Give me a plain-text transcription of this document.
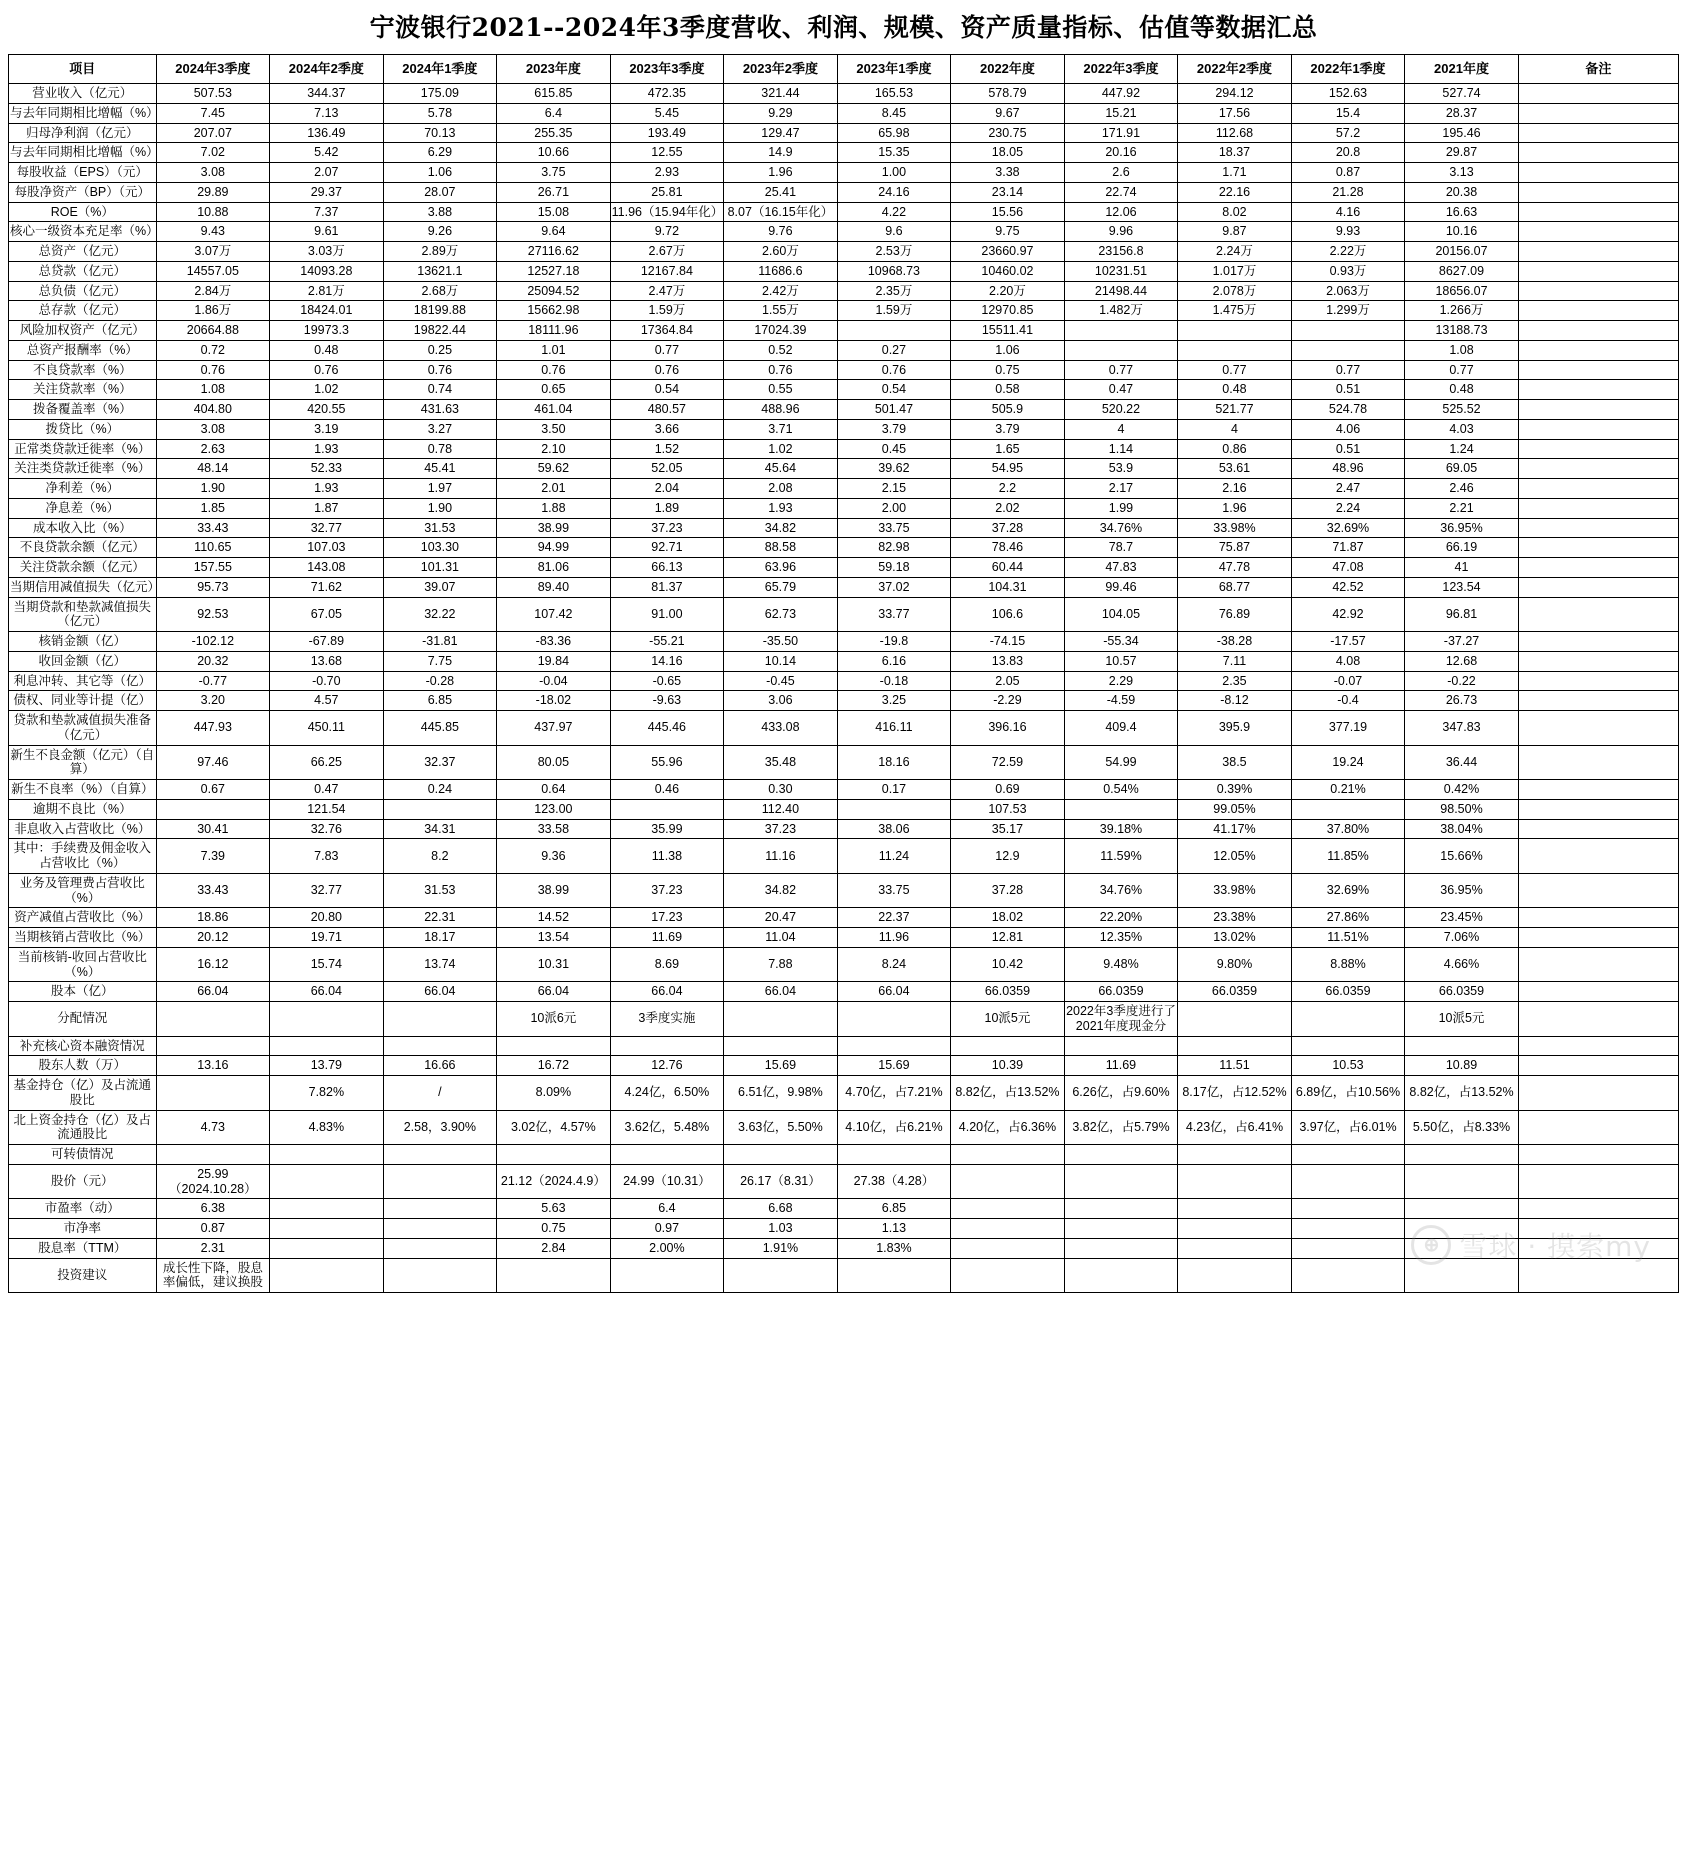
宁波银行2021--2024年3季度营收、利润、规模、资产质量指标、估值等数据汇总
项目	2024年3季度	2024年2季度	2024年1季度	2023年度	2023年3季度	2023年2季度	2023年1季度	2022年度	2022年3季度	2022年2季度	2022年1季度	2021年度	备注
营业收入（亿元）	507.53	344.37	175.09	615.85	472.35	321.44	165.53	578.79	447.92	294.12	152.63	527.74	
与去年同期相比增幅（%）	7.45	7.13	5.78	6.4	5.45	9.29	8.45	9.67	15.21	17.56	15.4	28.37	
归母净利润（亿元）	207.07	136.49	70.13	255.35	193.49	129.47	65.98	230.75	171.91	112.68	57.2	195.46	
与去年同期相比增幅（%）	7.02	5.42	6.29	10.66	12.55	14.9	15.35	18.05	20.16	18.37	20.8	29.87	
每股收益（EPS）（元）	3.08	2.07	1.06	3.75	2.93	1.96	1.00	3.38	2.6	1.71	0.87	3.13	
每股净资产（BP）（元）	29.89	29.37	28.07	26.71	25.81	25.41	24.16	23.14	22.74	22.16	21.28	20.38	
ROE（%）	10.88	7.37	3.88	15.08	11.96（15.94年化）	8.07（16.15年化）	4.22	15.56	12.06	8.02	4.16	16.63	
核心一级资本充足率（%）	9.43	9.61	9.26	9.64	9.72	9.76	9.6	9.75	9.96	9.87	9.93	10.16	
总资产（亿元）	3.07万	3.03万	2.89万	27116.62	2.67万	2.60万	2.53万	23660.97	23156.8	2.24万	2.22万	20156.07	
总贷款（亿元）	14557.05	14093.28	13621.1	12527.18	12167.84	11686.6	10968.73	10460.02	10231.51	1.017万	0.93万	8627.09	
总负债（亿元）	2.84万	2.81万	2.68万	25094.52	2.47万	2.42万	2.35万	2.20万	21498.44	2.078万	2.063万	18656.07	
总存款（亿元）	1.86万	18424.01	18199.88	15662.98	1.59万	1.55万	1.59万	12970.85	1.482万	1.475万	1.299万	1.266万	
风险加权资产（亿元）	20664.88	19973.3	19822.44	18111.96	17364.84	17024.39		15511.41				13188.73	
总资产报酬率（%）	0.72	0.48	0.25	1.01	0.77	0.52	0.27	1.06				1.08	
不良贷款率（%）	0.76	0.76	0.76	0.76	0.76	0.76	0.76	0.75	0.77	0.77	0.77	0.77	
关注贷款率（%）	1.08	1.02	0.74	0.65	0.54	0.55	0.54	0.58	0.47	0.48	0.51	0.48	
拨备覆盖率（%）	404.80	420.55	431.63	461.04	480.57	488.96	501.47	505.9	520.22	521.77	524.78	525.52	
拨贷比（%）	3.08	3.19	3.27	3.50	3.66	3.71	3.79	3.79	4	4	4.06	4.03	
正常类贷款迁徙率（%）	2.63	1.93	0.78	2.10	1.52	1.02	0.45	1.65	1.14	0.86	0.51	1.24	
关注类贷款迁徙率（%）	48.14	52.33	45.41	59.62	52.05	45.64	39.62	54.95	53.9	53.61	48.96	69.05	
净利差（%）	1.90	1.93	1.97	2.01	2.04	2.08	2.15	2.2	2.17	2.16	2.47	2.46	
净息差（%）	1.85	1.87	1.90	1.88	1.89	1.93	2.00	2.02	1.99	1.96	2.24	2.21	
成本收入比（%）	33.43	32.77	31.53	38.99	37.23	34.82	33.75	37.28	34.76%	33.98%	32.69%	36.95%	
不良贷款余额（亿元）	110.65	107.03	103.30	94.99	92.71	88.58	82.98	78.46	78.7	75.87	71.87	66.19	
关注贷款余额（亿元）	157.55	143.08	101.31	81.06	66.13	63.96	59.18	60.44	47.83	47.78	47.08	41	
当期信用减值损失（亿元）	95.73	71.62	39.07	89.40	81.37	65.79	37.02	104.31	99.46	68.77	42.52	123.54	
当期贷款和垫款减值损失（亿元）	92.53	67.05	32.22	107.42	91.00	62.73	33.77	106.6	104.05	76.89	42.92	96.81	
核销金额（亿）	-102.12	-67.89	-31.81	-83.36	-55.21	-35.50	-19.8	-74.15	-55.34	-38.28	-17.57	-37.27	
收回金额（亿）	20.32	13.68	7.75	19.84	14.16	10.14	6.16	13.83	10.57	7.11	4.08	12.68	
利息冲转、其它等（亿）	-0.77	-0.70	-0.28	-0.04	-0.65	-0.45	-0.18	2.05	2.29	2.35	-0.07	-0.22	
债权、同业等计提（亿）	3.20	4.57	6.85	-18.02	-9.63	3.06	3.25	-2.29	-4.59	-8.12	-0.4	26.73	
贷款和垫款减值损失准备（亿元）	447.93	450.11	445.85	437.97	445.46	433.08	416.11	396.16	409.4	395.9	377.19	347.83	
新生不良金额（亿元）（自算）	97.46	66.25	32.37	80.05	55.96	35.48	18.16	72.59	54.99	38.5	19.24	36.44	
新生不良率（%）（自算）	0.67	0.47	0.24	0.64	0.46	0.30	0.17	0.69	0.54%	0.39%	0.21%	0.42%	
逾期不良比（%）		121.54		123.00		112.40		107.53		99.05%		98.50%	
非息收入占营收比（%）	30.41	32.76	34.31	33.58	35.99	37.23	38.06	35.17	39.18%	41.17%	37.80%	38.04%	
其中：手续费及佣金收入占营收比（%）	7.39	7.83	8.2	9.36	11.38	11.16	11.24	12.9	11.59%	12.05%	11.85%	15.66%	
业务及管理费占营收比（%）	33.43	32.77	31.53	38.99	37.23	34.82	33.75	37.28	34.76%	33.98%	32.69%	36.95%	
资产减值占营收比（%）	18.86	20.80	22.31	14.52	17.23	20.47	22.37	18.02	22.20%	23.38%	27.86%	23.45%	
当期核销占营收比（%）	20.12	19.71	18.17	13.54	11.69	11.04	11.96	12.81	12.35%	13.02%	11.51%	7.06%	
当前核销-收回占营收比（%）	16.12	15.74	13.74	10.31	8.69	7.88	8.24	10.42	9.48%	9.80%	8.88%	4.66%	
股本（亿）	66.04	66.04	66.04	66.04	66.04	66.04	66.04	66.0359	66.0359	66.0359	66.0359	66.0359	
分配情况				10派6元	3季度实施			10派5元	2022年3季度进行了2021年度现金分			10派5元	
补充核心资本融资情况													
股东人数（万）	13.16	13.79	16.66	16.72	12.76	15.69	15.69	10.39	11.69	11.51	10.53	10.89	
基金持仓（亿）及占流通股比		7.82%	/	8.09%	4.24亿，6.50%	6.51亿，9.98%	4.70亿，占7.21%	8.82亿，占13.52%	6.26亿，占9.60%	8.17亿，占12.52%	6.89亿，占10.56%	8.82亿，占13.52%	
北上资金持仓（亿）及占流通股比	4.73	4.83%	2.58，3.90%	3.02亿，4.57%	3.62亿，5.48%	3.63亿，5.50%	4.10亿，占6.21%	4.20亿，占6.36%	3.82亿，占5.79%	4.23亿，占6.41%	3.97亿，占6.01%	5.50亿，占8.33%	
可转债情况													
股价（元）	25.99（2024.10.28）			21.12（2024.4.9）	24.99（10.31）	26.17（8.31）	27.38（4.28）						
市盈率（动）	6.38			5.63	6.4	6.68	6.85						
市净率	0.87			0.75	0.97	1.03	1.13						
股息率（TTM）	2.31			2.84	2.00%	1.91%	1.83%						
投资建议	成长性下降，股息率偏低，建议换股												
⊕ 雪球 · 摸索my
